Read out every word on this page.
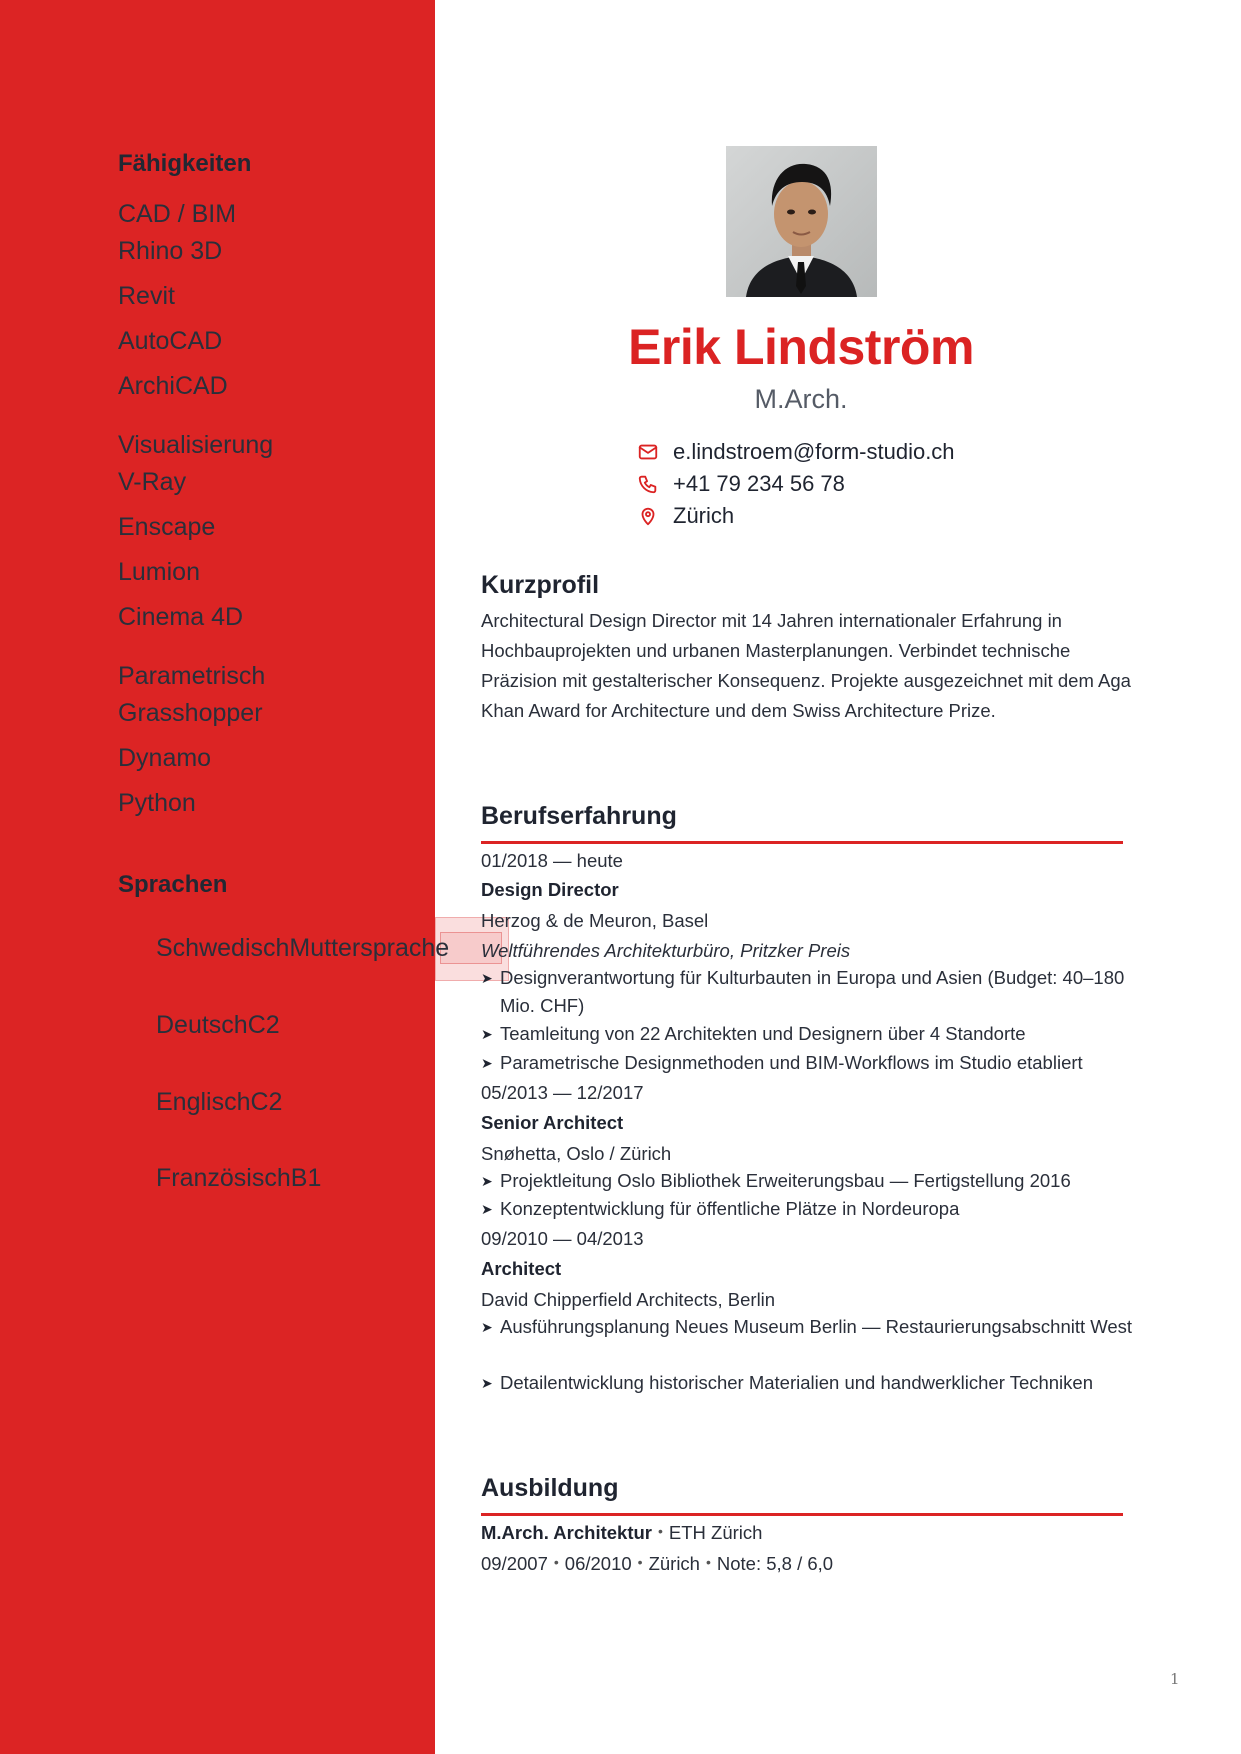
Fähigkeiten
CAD / BIM
Rhino 3D
Revit
AutoCAD
ArchiCAD
Visualisierung
V-Ray
Enscape
Lumion
Cinema 4D
Parametrisch
Grasshopper
Dynamo
Python
Sprachen
SchwedischMuttersprache
DeutschC2
EnglischC2
FranzösischB1
Erik Lindström
M.Arch.
e.lindstroem@form-studio.ch
+41 79 234 56 78
Zürich
Kurzprofil

Architectural Design Director mit 14 Jahren internationaler Erfahrung in Hochbauprojekten und urbanen Masterplanungen. Verbindet technische Präzision mit gestalterischer Konsequenz. Projekte ausgezeichnet mit dem Aga Khan Award for Architecture und dem Swiss Architecture Prize.

Berufserfahrung
01/2018 — heute
Design Director
Herzog & de Meuron, Basel
Weltführendes Architekturbüro, Pritzker Preis
➤ Designverantwortung für Kulturbauten in Europa und Asien (Budget: 40–180 Mio. CHF)
➤ Teamleitung von 22 Architekten und Designern über 4 Standorte
➤ Parametrische Designmethoden und BIM-Workflows im Studio etabliert
05/2013 — 12/2017
Senior Architect
Snøhetta, Oslo / Zürich
➤ Projektleitung Oslo Bibliothek Erweiterungsbau — Fertigstellung 2016
➤ Konzeptentwicklung für öffentliche Plätze in Nordeuropa
09/2010 — 04/2013
Architect
David Chipperfield Architects, Berlin
➤ Ausführungsplanung Neues Museum Berlin — Restaurierungsabschnitt West
➤ Detailentwicklung historischer Materialien und handwerklicher Techniken
Ausbildung
M.Arch. Architektur • ETH Zürich
09/2007 • 06/2010 • Zürich • Note: 5,8 / 6,0
1
